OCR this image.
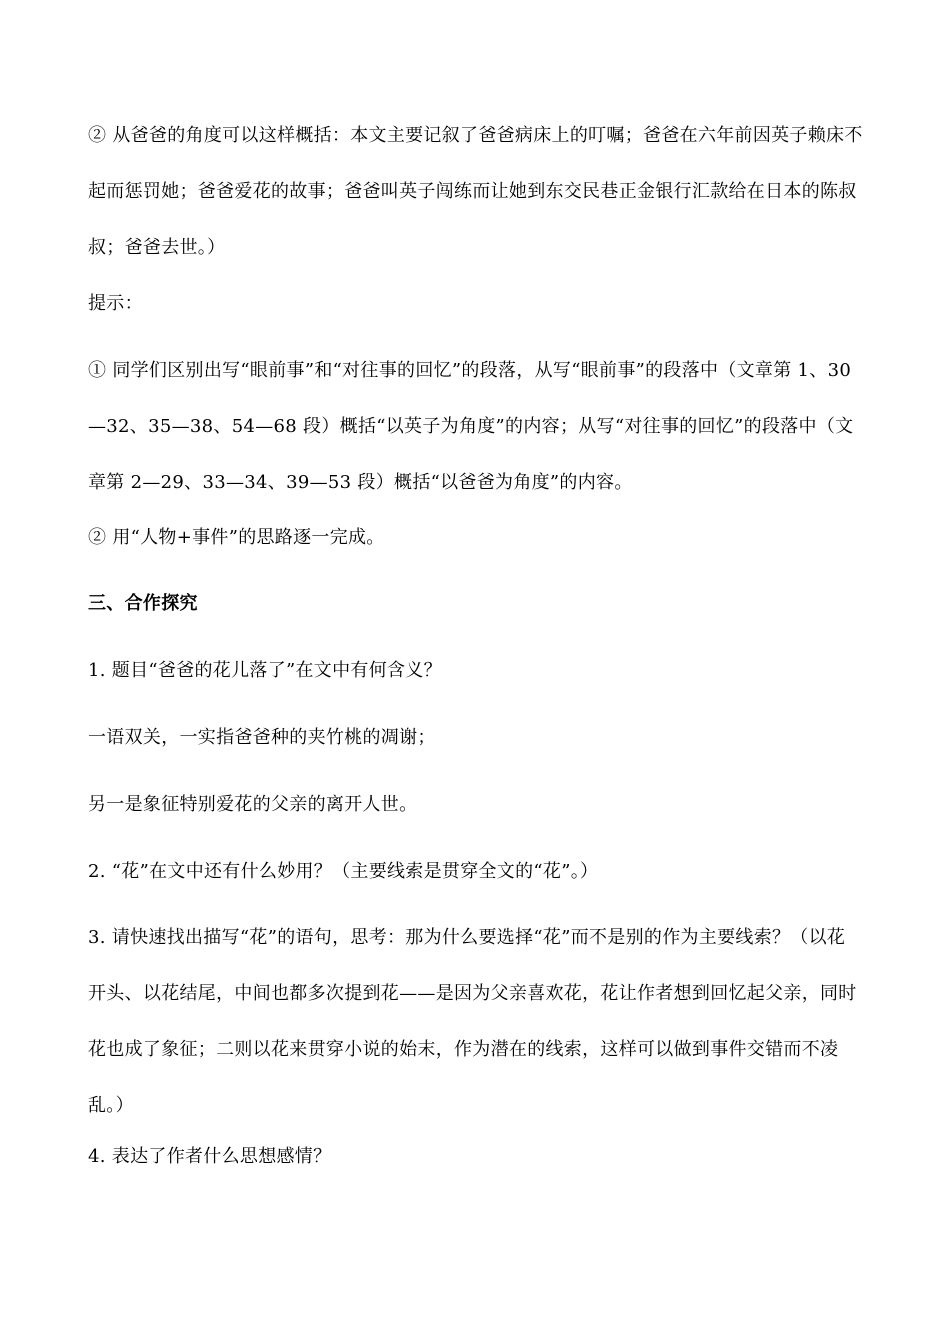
② 从爸爸的角度可以这样概括：本文主要记叙了爸爸病床上的叮嘱；爸爸在六年前因英子赖床不起而惩罚她；爸爸爱花的故事；爸爸叫英子闯练而让她到东交民巷正金银行汇款给在日本的陈叔叔；爸爸去世。）
提示：
① 同学们区别出写“眼前事”和“对往事的回忆”的段落，从写“眼前事”的段落中（文章第 1、30—32、35—38、54—68 段）概括“以英子为角度”的内容；从写“对往事的回忆”的段落中（文章第 2—29、33—34、39—53 段）概括“以爸爸为角度”的内容。
② 用“人物+事件”的思路逐一完成。
三、合作探究
1. 题目“爸爸的花儿落了”在文中有何含义？
一语双关，一实指爸爸种的夹竹桃的凋谢；
另一是象征特别爱花的父亲的离开人世。
2. “花”在文中还有什么妙用？（主要线索是贯穿全文的“花”。）
3. 请快速找出描写“花”的语句，思考：那为什么要选择“花”而不是别的作为主要线索？（以花开头、以花结尾，中间也都多次提到花——是因为父亲喜欢花，花让作者想到回忆起父亲，同时花也成了象征；二则以花来贯穿小说的始末，作为潜在的线索，这样可以做到事件交错而不凌乱。）
4. 表达了作者什么思想感情？
